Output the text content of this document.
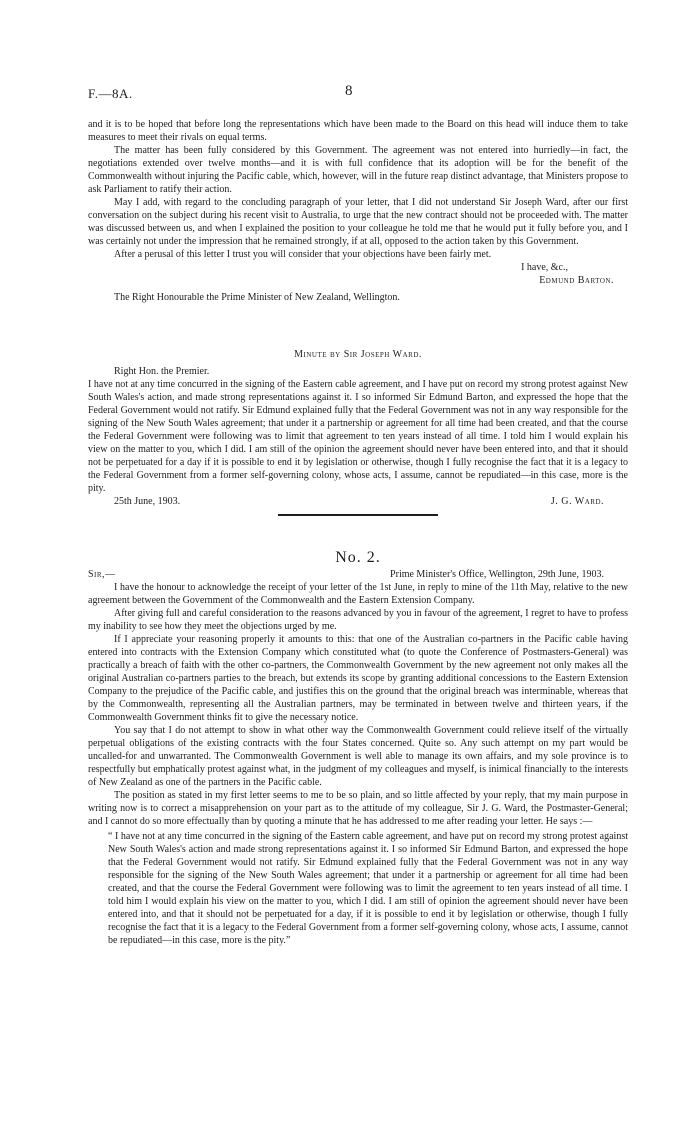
F.—8A.	8

and it is to be hoped that before long the representations which have been made to the Board on this head will induce them to take measures to meet their rivals on equal terms.

The matter has been fully considered by this Government. The agreement was not entered into hurriedly—in fact, the negotiations extended over twelve months—and it is with full confidence that its adoption will be for the benefit of the Commonwealth without injuring the Pacific cable, which, however, will in the future reap distinct advantage, that Ministers propose to ask Parliament to ratify their action.

May I add, with regard to the concluding paragraph of your letter, that I did not understand Sir Joseph Ward, after our first conversation on the subject during his recent visit to Australia, to urge that the new contract should not be proceeded with. The matter was discussed between us, and when I explained the position to your colleague he told me that he would put it fully before you, and I was certainly not under the impression that he remained strongly, if at all, opposed to the action taken by this Government.

After a perusal of this letter I trust you will consider that your objections have been fairly met.

I have, &c.,

Edmund Barton.

The Right Honourable the Prime Minister of New Zealand, Wellington.

Minute by Sir Joseph Ward.

Right Hon. the Premier.

I have not at any time concurred in the signing of the Eastern cable agreement, and I have put on record my strong protest against New South Wales's action, and made strong representations against it. I so informed Sir Edmund Barton, and expressed the hope that the Federal Government would not ratify. Sir Edmund explained fully that the Federal Government was not in any way responsible for the signing of the New South Wales agreement; that under it a partnership or agreement for all time had been created, and that the course the Federal Government were following was to limit that agreement to ten years instead of all time. I told him I would explain his view on the matter to you, which I did. I am still of the opinion the agreement should never have been entered into, and that it should not be perpetuated for a day if it is possible to end it by legislation or otherwise, though I fully recognise the fact that it is a legacy to the Federal Government from a former self-governing colony, whose acts, I assume, cannot be repudiated—in this case, more is the pity.

25th June, 1903.	J. G. Ward.
No. 2.
Sir,—	Prime Minister's Office, Wellington, 29th June, 1903.

I have the honour to acknowledge the receipt of your letter of the 1st June, in reply to mine of the 11th May, relative to the new agreement between the Government of the Commonwealth and the Eastern Extension Company.

After giving full and careful consideration to the reasons advanced by you in favour of the agreement, I regret to have to profess my inability to see how they meet the objections urged by me.

If I appreciate your reasoning properly it amounts to this: that one of the Australian co-partners in the Pacific cable having entered into contracts with the Extension Company which constituted what (to quote the Conference of Postmasters-General) was practically a breach of faith with the other co-partners, the Commonwealth Government by the new agreement not only makes all the original Australian co-partners parties to the breach, but extends its scope by granting additional concessions to the Eastern Extension Company to the prejudice of the Pacific cable, and justifies this on the ground that the original breach was interminable, whereas that by the Commonwealth, representing all the Australian partners, may be terminated in between twelve and thirteen years, if the Commonwealth Government thinks fit to give the necessary notice.

You say that I do not attempt to show in what other way the Commonwealth Government could relieve itself of the virtually perpetual obligations of the existing contracts with the four States concerned. Quite so. Any such attempt on my part would be uncalled-for and unwarranted. The Commonwealth Government is well able to manage its own affairs, and my sole province is to respectfully but emphatically protest against what, in the judgment of my colleagues and myself, is inimical financially to the interests of New Zealand as one of the partners in the Pacific cable.

The position as stated in my first letter seems to me to be so plain, and so little affected by your reply, that my main purpose in writing now is to correct a misapprehension on your part as to the attitude of my colleague, Sir J. G. Ward, the Postmaster-General; and I cannot do so more effectually than by quoting a minute that he has addressed to me after reading your letter. He says :—

“ I have not at any time concurred in the signing of the Eastern cable agreement, and have put on record my strong protest against New South Wales's action and made strong representations against it. I so informed Sir Edmund Barton, and expressed the hope that the Federal Government would not ratify. Sir Edmund explained fully that the Federal Government was not in any way responsible for the signing of the New South Wales agreement; that under it a partnership or agreement for all time had been created, and that the course the Federal Government were following was to limit the agreement to ten years instead of all time. I told him I would explain his view on the matter to you, which I did. I am still of opinion the agreement should never have been entered into, and that it should not be perpetuated for a day, if it is possible to end it by legislation or otherwise, though I fully recognise the fact that it is a legacy to the Federal Government from a former self-governing colony, whose acts, I assume, cannot be repudiated—in this case, more is the pity.”
